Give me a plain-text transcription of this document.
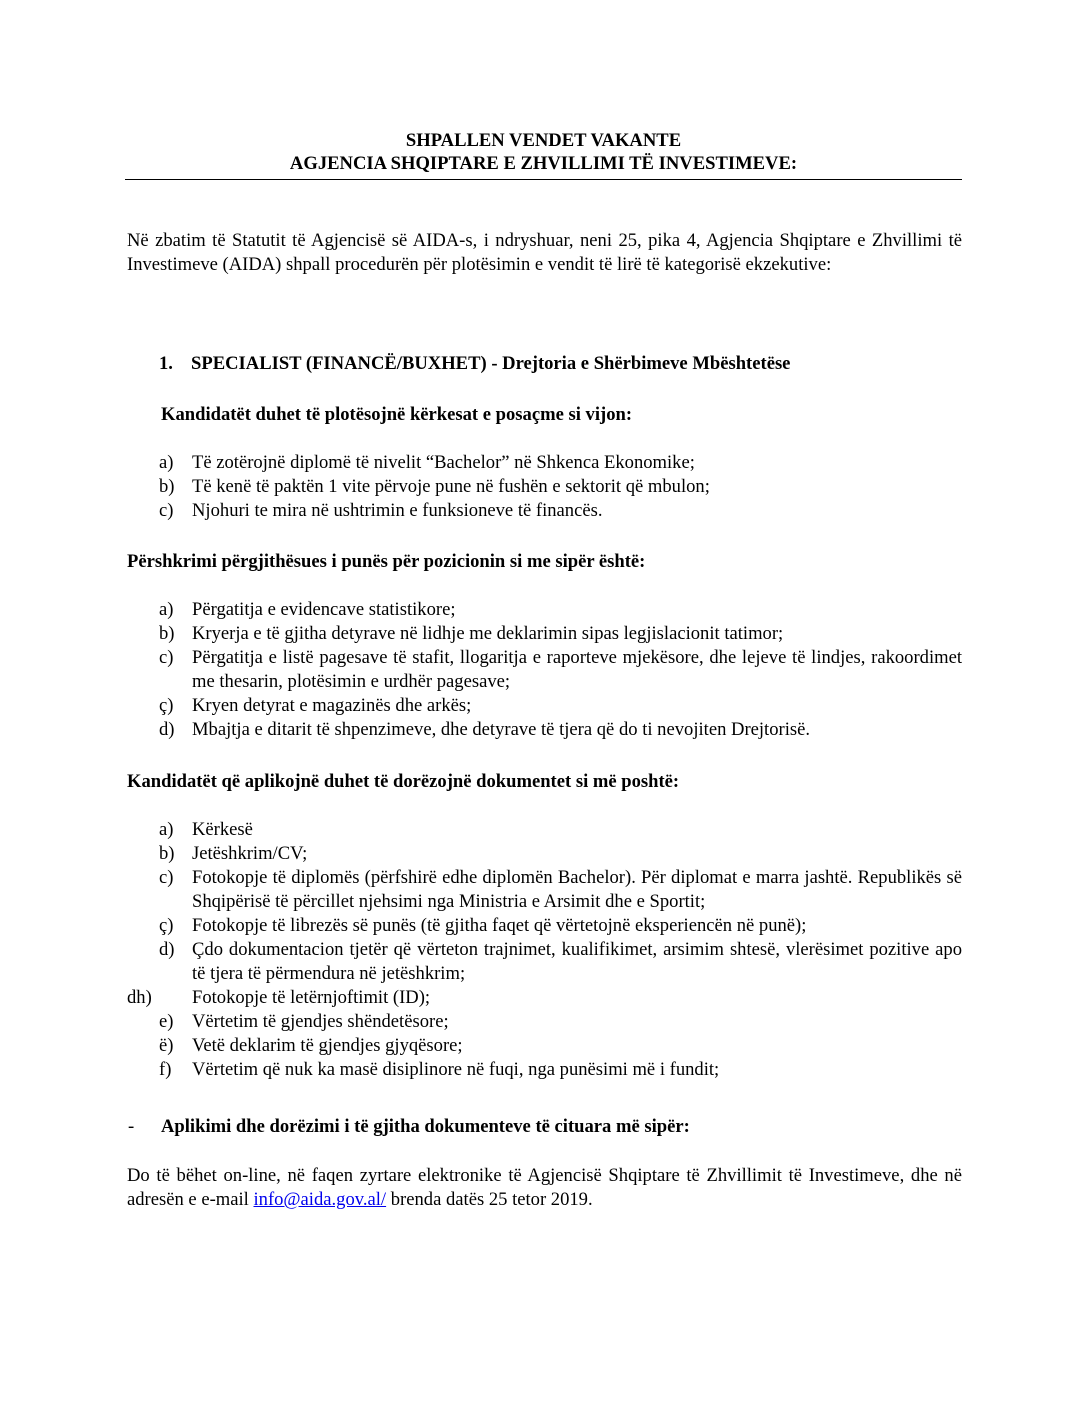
SHPALLEN VENDET VAKANTE
AGJENCIA SHQIPTARE E ZHVILLIMI TË INVESTIMEVE:

Në zbatim të Statutit të Agjencisë së AIDA-s, i ndryshuar, neni 25, pika 4, Agjencia Shqiptare e Zhvillimi të Investimeve (AIDA) shpall procedurën për plotësimin e vendit të lirë të kategorisë ekzekutive:

1. SPECIALIST (FINANCË/BUXHET) - Drejtoria e Shërbimeve Mbështetëse
Kandidatët duhet të plotësojnë kërkesat e posaçme si vijon:
a) Të zotërojnë diplomë të nivelit “Bachelor” në Shkenca Ekonomike;
b) Të kenë të paktën 1 vite përvoje pune në fushën e sektorit që mbulon;
c) Njohuri te mira në ushtrimin e funksioneve të financës.
Përshkrimi përgjithësues i punës për pozicionin si me sipër është:
a) Përgatitja e evidencave statistikore;
b) Kryerja e të gjitha detyrave në lidhje me deklarimin sipas legjislacionit tatimor;
c) Përgatitja e listë pagesave të stafit, llogaritja e raporteve mjekësore, dhe lejeve të lindjes, rakoordimet me thesarin, plotësimin e urdhër pagesave;
ç) Kryen detyrat e magazinës dhe arkës;
d) Mbajtja e ditarit të shpenzimeve, dhe detyrave të tjera që do ti nevojiten Drejtorisë.
Kandidatët që aplikojnë duhet të dorëzojnë dokumentet si më poshtë:
a) Kërkesë
b) Jetëshkrim/CV;
c) Fotokopje të diplomës (përfshirë edhe diplomën Bachelor). Për diplomat e marra jashtë. Republikës së Shqipërisë të përcillet njehsimi nga Ministria e Arsimit dhe e Sportit;
ç) Fotokopje të librezës së punës (të gjitha faqet që vërtetojnë eksperiencën në punë);
d) Çdo dokumentacion tjetër që vërteton trajnimet, kualifikimet, arsimim shtesë, vlerësimet pozitive apo të tjera të përmendura në jetëshkrim;
dh) Fotokopje të letërnjoftimit (ID);
e) Vërtetim të gjendjes shëndetësore;
ë) Vetë deklarim të gjendjes gjyqësore;
f) Vërtetim që nuk ka masë disiplinore në fuqi, nga punësimi më i fundit;
- Aplikimi dhe dorëzimi i të gjitha dokumenteve të cituara më sipër:

Do të bëhet on-line, në faqen zyrtare elektronike të Agjencisë Shqiptare të Zhvillimit të Investimeve, dhe në adresën e e-mail info@aida.gov.al/ brenda datës 25 tetor 2019.
